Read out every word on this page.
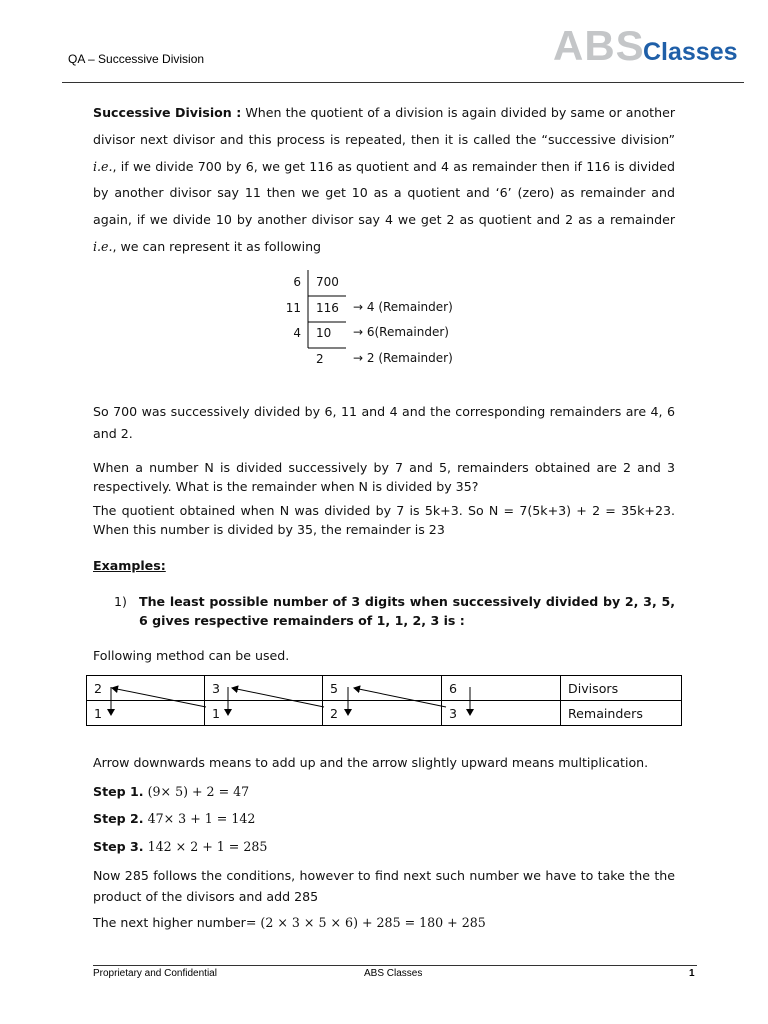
QA – Successive Division	ABS
Classes
Successive Division : When the quotient of a division is again divided by same or another divisor next divisor and this process is repeated, then it is called the “successive division” i.e., if we divide 700 by 6, we get 116 as quotient and 4 as remainder then if 116 is divided by another divisor say 11 then we get 10 as a quotient and ‘6’ (zero) as remainder and again, if we divide 10 by another divisor say 4 we get 2 as quotient and 2 as a remainder i.e., we can represent it as following
6 700
11 116 → 4 (Remainder)
4 10 → 6(Remainder)
2 → 2 (Remainder)
So 700 was successively divided by 6, 11 and 4 and the corresponding remainders are 4, 6 and 2.
When a number N is divided successively by 7 and 5, remainders obtained are 2 and 3 respectively. What is the remainder when N is divided by 35?
The quotient obtained when N was divided by 7 is 5k+3. So N = 7(5k+3) + 2 = 35k+23. When this number is divided by 35, the remainder is 23
Examples:
1) The least possible number of 3 digits when successively divided by 2, 3, 5, 6 gives respective remainders of 1, 1, 2, 3 is :
Following method can be used.
2	3	5	6	Divisors
1	1	2	3	Remainders
Arrow downwards means to add up and the arrow slightly upward means multiplication.
Step 1. (9× 5) + 2 = 47
Step 2. 47× 3 + 1 = 142
Step 3. 142 × 2 + 1 = 285
Now 285 follows the conditions, however to find next such number we have to take the the product of the divisors and add 285
The next higher number= (2 × 3 × 5 × 6) + 285 = 180 + 285
Proprietary and Confidential	ABS Classes	1
